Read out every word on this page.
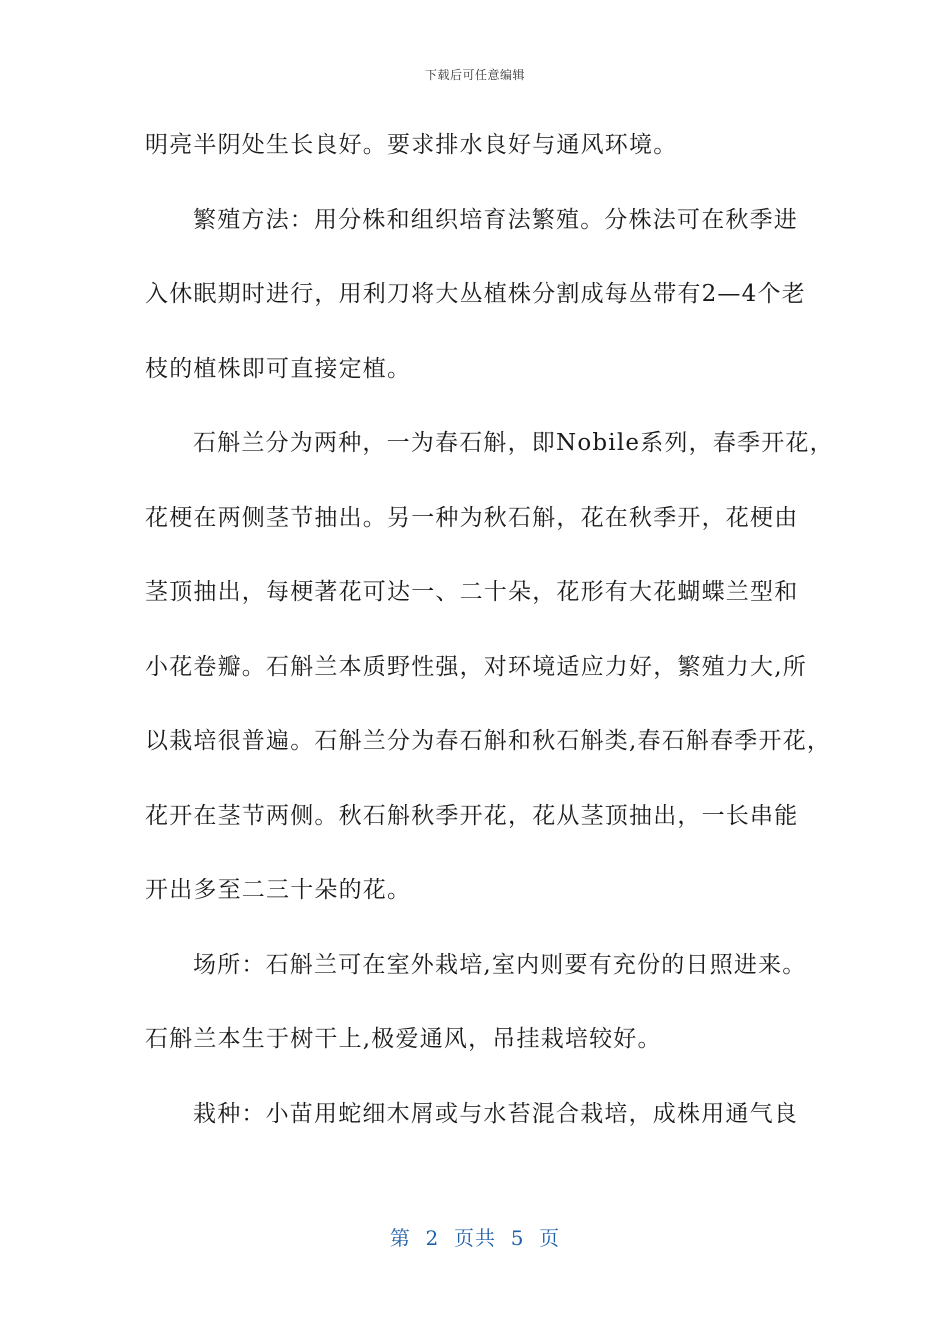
下载后可任意编辑
明亮半阴处生长良好。要求排水良好与通风环境。
繁殖方法：用分株和组织培育法繁殖。分株法可在秋季进
入休眠期时进行，用利刀将大丛植株分割成每丛带有2—4个老
枝的植株即可直接定植。
石斛兰分为两种，一为春石斛，即Nobile系列，春季开花，
花梗在两侧茎节抽出。另一种为秋石斛，花在秋季开，花梗由
茎顶抽出，每梗著花可达一、二十朵，花形有大花蝴蝶兰型和
小花卷瓣。石斛兰本质野性强，对环境适应力好，繁殖力大,所
以栽培很普遍。石斛兰分为春石斛和秋石斛类,春石斛春季开花，
花开在茎节两侧。秋石斛秋季开花，花从茎顶抽出，一长串能
开出多至二三十朵的花。
场所：石斛兰可在室外栽培,室内则要有充份的日照进来。
石斛兰本生于树干上,极爱通风，吊挂栽培较好。
栽种：小苗用蛇细木屑或与水苔混合栽培，成株用通气良
第  2  页共  5  页
